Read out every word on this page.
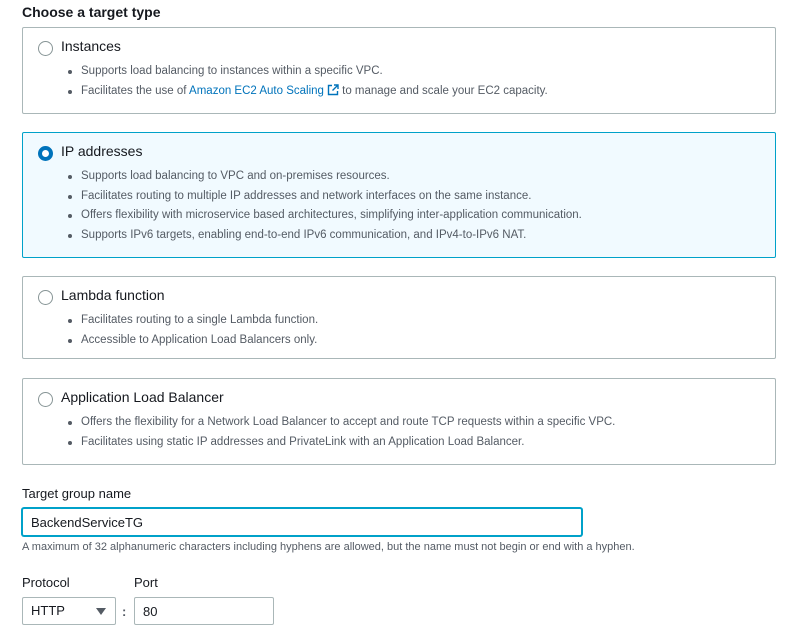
Choose a target type
Instances
Supports load balancing to instances within a specific VPC.
Facilitates the use of Amazon EC2 Auto Scaling to manage and scale your EC2 capacity.
IP addresses
Supports load balancing to VPC and on-premises resources.
Facilitates routing to multiple IP addresses and network interfaces on the same instance.
Offers flexibility with microservice based architectures, simplifying inter-application communication.
Supports IPv6 targets, enabling end-to-end IPv6 communication, and IPv4-to-IPv6 NAT.
Lambda function
Facilitates routing to a single Lambda function.
Accessible to Application Load Balancers only.
Application Load Balancer
Offers the flexibility for a Network Load Balancer to accept and route TCP requests within a specific VPC.
Facilitates using static IP addresses and PrivateLink with an Application Load Balancer.
Target group name
BackendServiceTG
A maximum of 32 alphanumeric characters including hyphens are allowed, but the name must not begin or end with a hyphen.
Protocol	Port
HTTP	:
80
